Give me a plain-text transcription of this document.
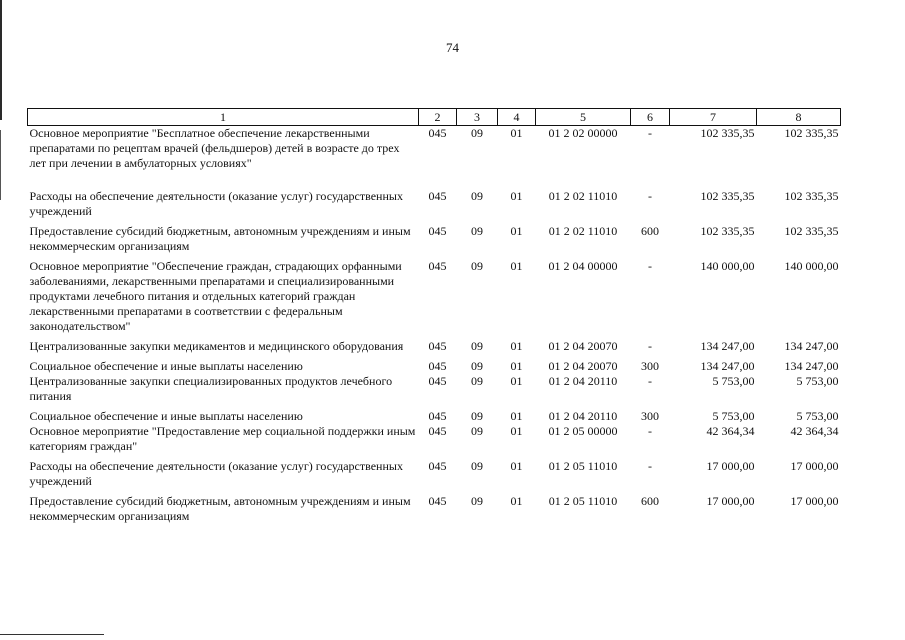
74
1	2	3	4	5	6	7	8
Основное мероприятие "Бесплатное обеспечение лекарственными препаратами по рецептам врачей (фельдшеров) детей в возрасте до трех лет при лечении в амбулаторных условиях"	045	09	01	01 2 02 00000	-	102 335,35	102 335,35
Расходы на обеспечение деятельности (оказание услуг) государственных учреждений	045	09	01	01 2 02 11010	-	102 335,35	102 335,35
Предоставление субсидий бюджетным, автономным учреждениям и иным некоммерческим организациям	045	09	01	01 2 02 11010	600	102 335,35	102 335,35
Основное мероприятие "Обеспечение граждан, страдающих орфанными заболеваниями, лекарственными препаратами и специализированными продуктами лечебного питания и отдельных категорий граждан лекарственными препаратами в соответствии с федеральным законодательством"	045	09	01	01 2 04 00000	-	140 000,00	140 000,00
Централизованные закупки медикаментов и медицинского оборудования	045	09	01	01 2 04 20070	-	134 247,00	134 247,00
Социальное обеспечение и иные выплаты населению	045	09	01	01 2 04 20070	300	134 247,00	134 247,00
Централизованные закупки специализированных продуктов лечебного питания	045	09	01	01 2 04 20110	-	5 753,00	5 753,00
Социальное обеспечение и иные выплаты населению	045	09	01	01 2 04 20110	300	5 753,00	5 753,00
Основное мероприятие "Предоставление мер социальной поддержки иным категориям граждан"	045	09	01	01 2 05 00000	-	42 364,34	42 364,34
Расходы на обеспечение деятельности (оказание услуг) государственных учреждений	045	09	01	01 2 05 11010	-	17 000,00	17 000,00
Предоставление субсидий бюджетным, автономным учреждениям и иным некоммерческим организациям	045	09	01	01 2 05 11010	600	17 000,00	17 000,00
